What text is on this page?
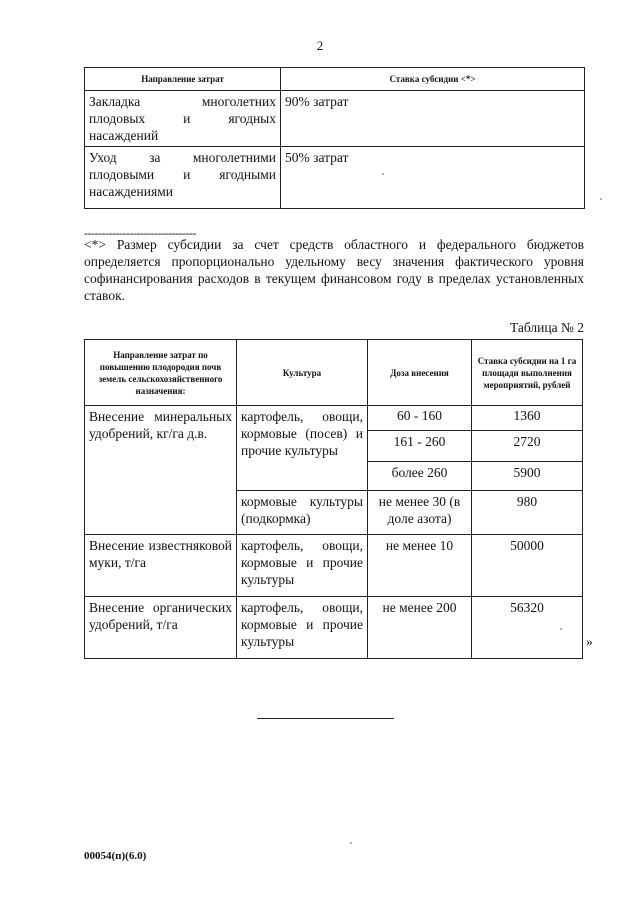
2
Направление затрат	Ставка субсидии <*>
Закладка многолетних плодовых и ягодных насаждений	90% затрат
Уход за многолетними плодовыми и ягодными насаждениями	50% затрат
--------------------------------
<*> Размер субсидии за счет средств областного и федерального бюджетов определяется пропорционально удельному весу значения фактического уровня софинансирования расходов в текущем финансовом году в пределах установленных ставок.
Таблица № 2
Направление затрат по повышению плодородия почв земель сельскохозяйственного назначения:	Культура	Доза внесения	Ставка субсидии на 1 га площади выполнения мероприятий, рублей
Внесение минеральных удобрений, кг/га д.в.	картофель, овощи, кормовые (посев) и прочие культуры	60 - 160	1360
		161 - 260	2720
		более 260	5900
	кормовые культуры (подкормка)	не менее 30 (в доле азота)	980
Внесение известняковой муки, т/га	картофель, овощи, кормовые и прочие культуры	не менее 10	50000
Внесение органических удобрений, т/га	картофель, овощи, кормовые и прочие культуры	не менее 200	56320
»
00054(п)(6.0)
